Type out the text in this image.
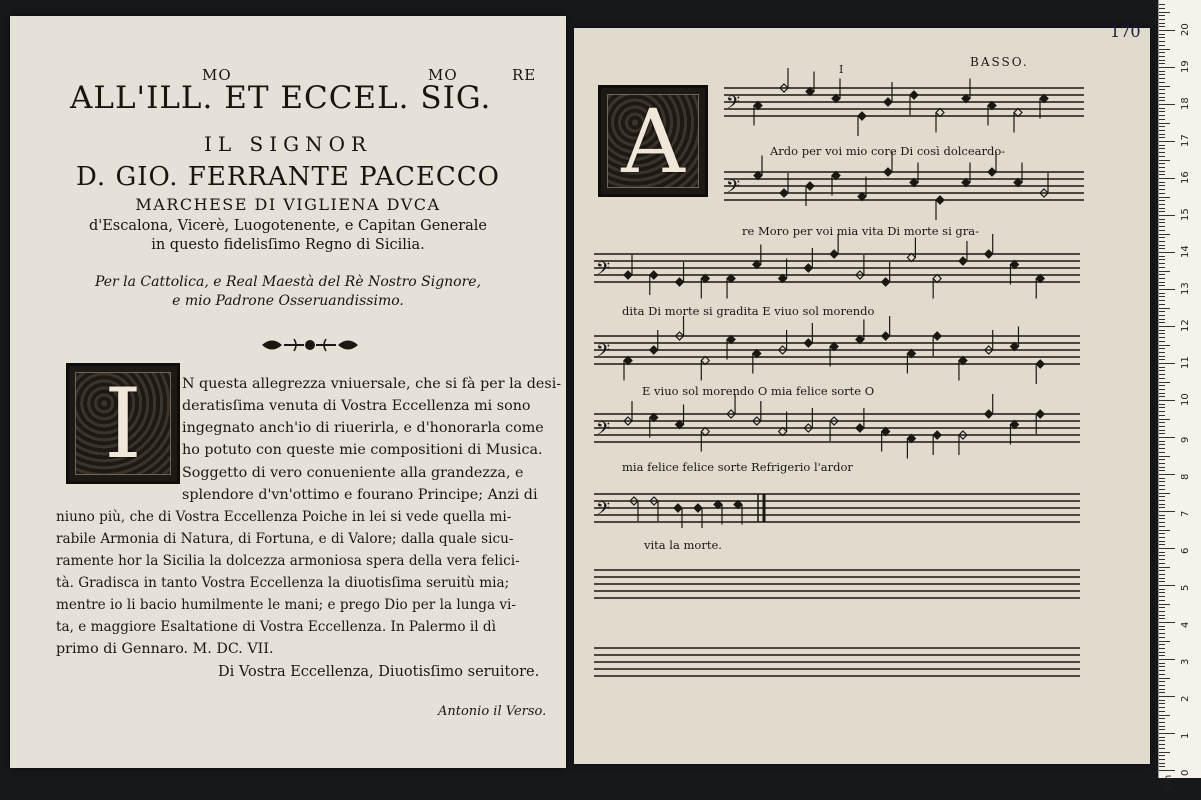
MO	MO	RE
ALL'ILL. ET ECCEL. SIG.
IL SIGNOR
D. GIO. FERRANTE PACECCO
MARCHESE DI VIGLIENA DVCA
d'Escalona, Vicerè, Luogotenente, e Capitan Generale
in questo fidelisſimo Regno di Sicilia.
Per la Cattolica, e Real Maestà del Rè Nostro Signore,
e mio Padrone Osseruandissimo.
I	N questa allegrezza vniuersale, che si fà per la desi-
deratisſima venuta di Vostra Eccellenza mi sono
ingegnato anch'io di riuerirla, e d'honorarla come
ho potuto con queste mie compositioni di Musica.
Soggetto di vero conueniente alla grandezza, e
splendore d'vn'ottimo e fourano Principe; Anzi di
niuno più, che di Vostra Eccellenza Poiche in lei si vede quella mi-
rabile Armonia di Natura, di Fortuna, e di Valore; dalla quale sicu-
ramente hor la Sicilia la dolcezza armoniosa spera della vera felici-
tà. Gradisca in tanto Vostra Eccellenza la diuotisſima seruitù mia;
mentre io li bacio humilmente le mani; e prego Dio per la lunga vi-
ta, e maggiore Esaltatione di Vostra Eccellenza. In Palermo il dì
primo di Gennaro. M. DC. VII.
Di Vostra Eccellenza, Diuotisſimo seruitore.
Antonio il Verso.
170
I
BASSO.
A 𝄢
𝄢
𝄢
𝄢
𝄢
𝄢
Ardo per voi mio core Di così dolceardo-
re Moro per voi mia vita Di morte si gra-
dita Di morte si gradita E viuo sol morendo
E viuo sol morendo O mia felice sorte O
mia felice felice sorte Refrigerio l'ardor
vita la morte.
0
1
2
3
4
5
6
7
8
9
10
11
12
13
14
15
16
17
18
19
20
cm
